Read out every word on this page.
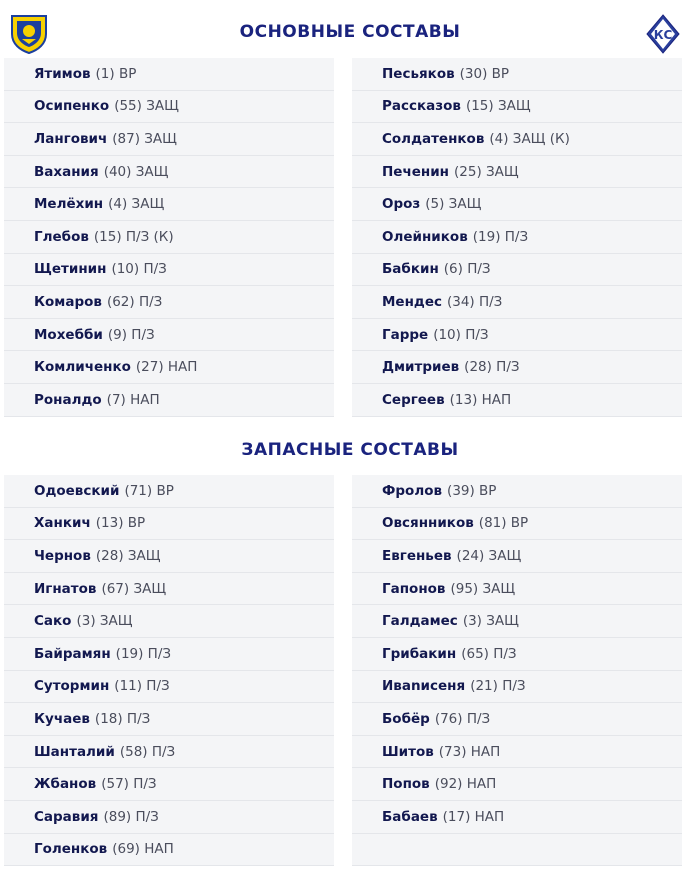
КС
ОСНОВНЫЕ СОСТАВЫ
ЗАПАСНЫЕ СОСТАВЫ
Ятимов (1) ВР
Осипенко (55) ЗАЩ
Лангович (87) ЗАЩ
Вахания (40) ЗАЩ
Мелёхин (4) ЗАЩ
Глебов (15) П/З (К)
Щетинин (10) П/З
Комаров (62) П/З
Мохебби (9) П/З
Комличенко (27) НАП
Роналдо (7) НАП
Песьяков (30) ВР
Рассказов (15) ЗАЩ
Солдатенков (4) ЗАЩ (К)
Печенин (25) ЗАЩ
Ороз (5) ЗАЩ
Олейников (19) П/З
Бабкин (6) П/З
Мендес (34) П/З
Гарре (10) П/З
Дмитриев (28) П/З
Сергеев (13) НАП
Одоевский (71) ВР
Ханкич (13) ВР
Чернов (28) ЗАЩ
Игнатов (67) ЗАЩ
Сако (3) ЗАЩ
Байрамян (19) П/З
Сутормин (11) П/З
Кучаев (18) П/З
Шанталий (58) П/З
Жбанов (57) П/З
Саравия (89) П/З
Голенков (69) НАП
Фролов (39) ВР
Овсянников (81) ВР
Евгеньев (24) ЗАЩ
Гапонов (95) ЗАЩ
Галдамес (3) ЗАЩ
Грибакин (65) П/З
Ивanисеня (21) П/З
Бобёр (76) П/З
Шитов (73) НАП
Попов (92) НАП
Бабаев (17) НАП
